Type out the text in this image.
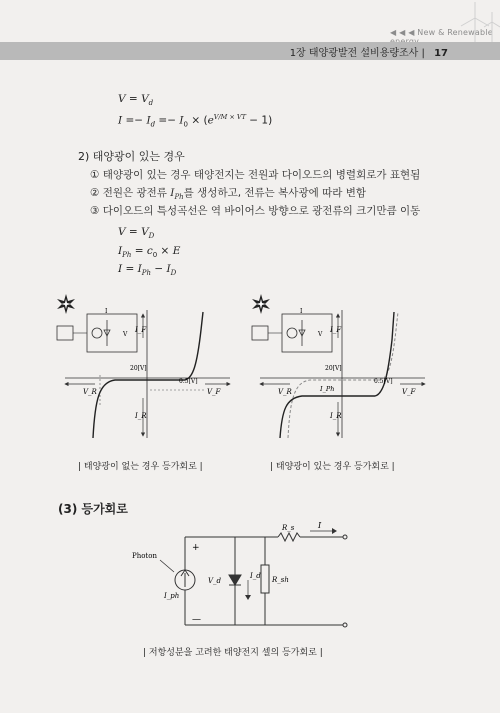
◀ ◀ ◀ New & Renewable
1장 태양광발전 설비용량조사 | 17
$V = V_d$
$I =- I_d =- I_0 \times (e^{V/M \times VT} - 1)$
2) 태양광이 있는 경우
① 태양광이 있는 경우 태양전지는 전원과 다이오드의 병렬회로가 표현됨
② 전원은 광전류 $I_{Ph}$를 생성하고, 전류는 복사광에 따라 변함
③ 다이오드의 특성곡선은 역 바이어스 방향으로 광전류의 크기만큼 이동
$V = V_D$
$I_{Ph} = c_0 \times E$
$I = I_{Ph} - I_D$
I
V
20[V]
0.5[V]
V_R	V_F
I_F
I_R
I
V
20[V]
0.5[V]
V_R	V_F
I_F
I_R
I_Ph
| 태양광이 없는 경우 등가회로 |	| 태양광이 있는 경우 등가회로 |
(3) 등가회로
Photon
+
—
R_s	I
V_d
I_d R_sh
I_ph
| 저항성분을 고려한 태양전지 셀의 등가회로 |
